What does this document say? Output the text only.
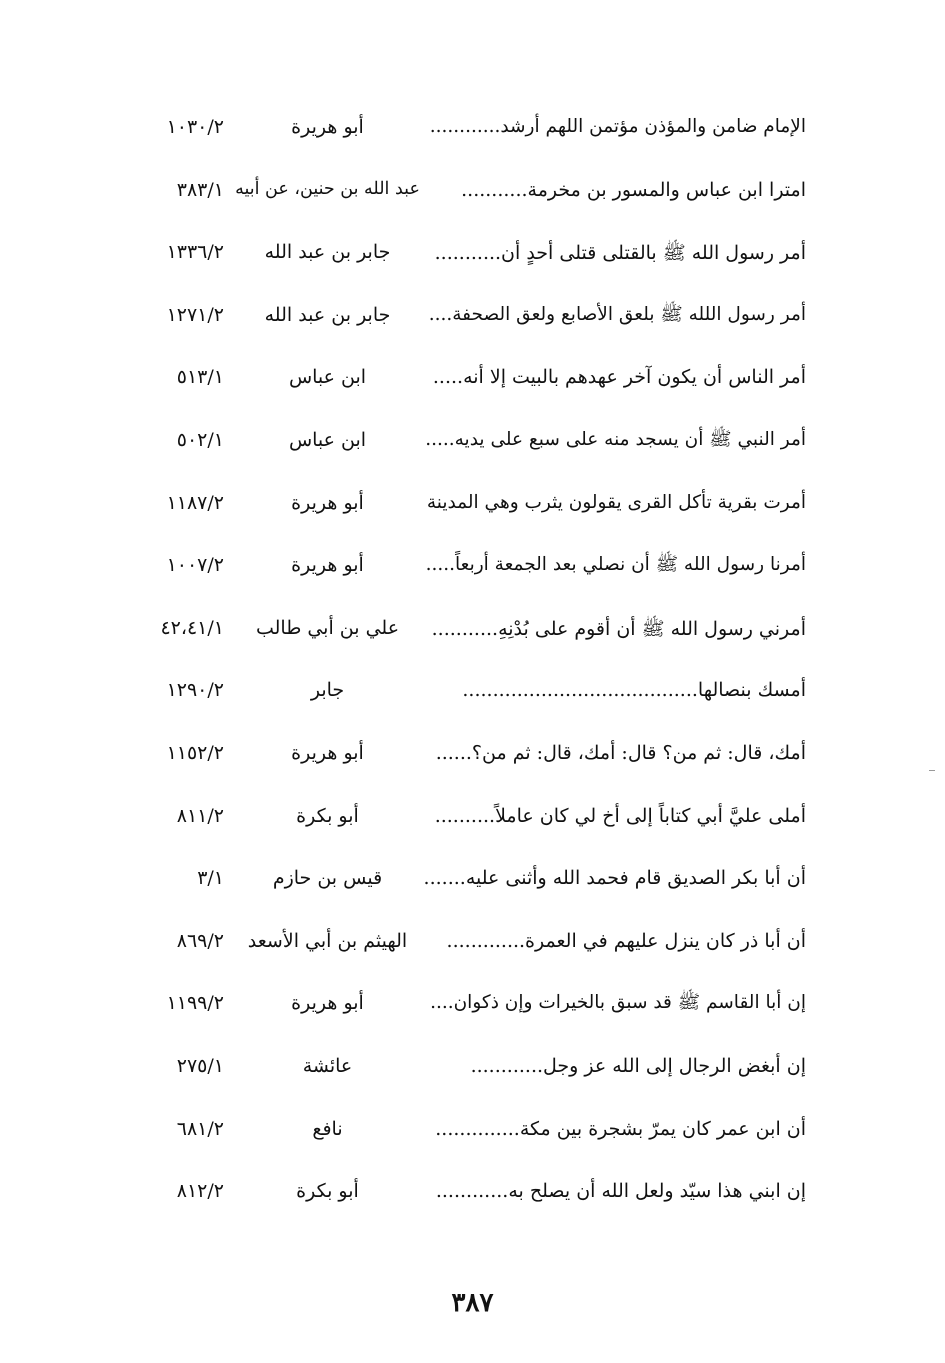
الإمام ضامن والمؤذن مؤتمن اللهم أرشد............
أبو هريرة
١٠٣٠/٢
امترا ابن عباس والمسور بن مخرمة...........
عبد الله بن حنين، عن أبيه
٣٨٣/١
أمر رسول الله ﷺ بالقتلى قتلى أحدٍ أن...........
جابر بن عبد الله
١٣٣٦/٢
أمر رسول اللله ﷺ بلعق الأصابع ولعق الصحفة....
جابر بن عبد الله
١٢٧١/٢
أمر الناس أن يكون آخر عهدهم بالبيت إلا أنه.....
ابن عباس
٥١٣/١
أمر النبي ﷺ أن يسجد منه على سبع على يديه.....
ابن عباس
٥٠٢/١
أمرت بقرية تأكل القرى يقولون يثرب وهي المدينة
أبو هريرة
١١٨٧/٢
أمرنا رسول الله ﷺ أن نصلي بعد الجمعة أربعاً.....
أبو هريرة
١٠٠٧/٢
أمرني رسول الله ﷺ أن أقوم على بُدْنِهِ...........
علي بن أبي طالب
٤٢،٤١/١
أمسك بنصالها.......................................
جابر
١٢٩٠/٢
أمك، قال: ثم من؟ قال: أمك، قال: ثم من؟......
أبو هريرة
١١٥٢/٢
أملى عليَّ أبي كتاباً إلى أخ لي كان عاملاً..........
أبو بكرة
٨١١/٢
أن أبا بكر الصديق قام فحمد الله وأثنى عليه.......
قيس بن حازم
٣/١
أن أبا ذر كان ينزل عليهم في العمرة.............
الهيثم بن أبي الأسعد
٨٦٩/٢
إن أبا القاسم ﷺ قد سبق بالخيرات وإن ذكوان....
أبو هريرة
١١٩٩/٢
إن أبغض الرجال إلى الله عز وجل............
عائشة
٢٧٥/١
أن ابن عمر كان يمرّ بشجرة بين مكة..............
نافع
٦٨١/٢
إن ابني هذا سيّد ولعل الله أن يصلح به............
أبو بكرة
٨١٢/٢
٣٨٧
